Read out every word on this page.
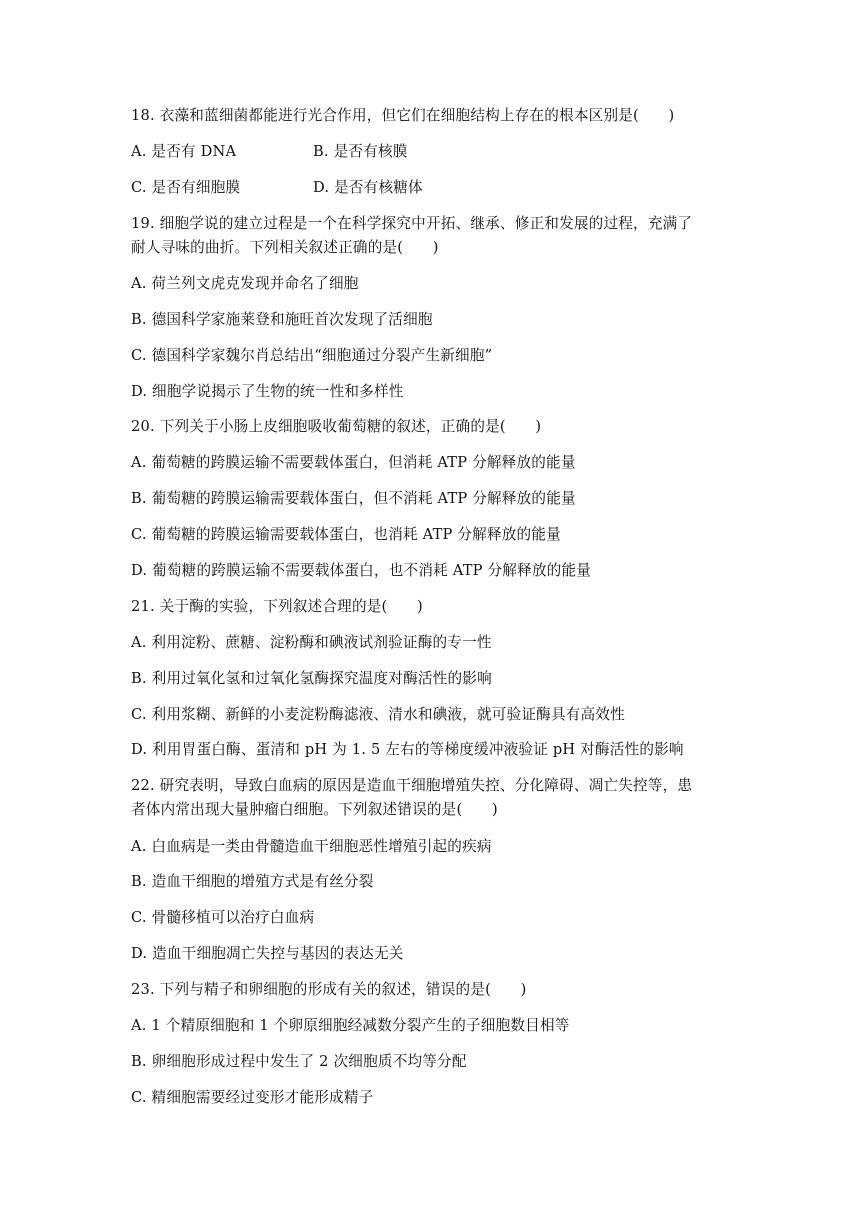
18. 衣藻和蓝细菌都能进行光合作用，但它们在细胞结构上存在的根本区别是(　　)
A. 是否有 DNA	B. 是否有核膜
C. 是否有细胞膜	D. 是否有核糖体
19. 细胞学说的建立过程是一个在科学探究中开拓、继承、修正和发展的过程，充满了
耐人寻味的曲折。下列相关叙述正确的是(　　)
A. 荷兰列文虎克发现并命名了细胞
B. 德国科学家施莱登和施旺首次发现了活细胞
C. 德国科学家魏尔肖总结出“细胞通过分裂产生新细胞”
D. 细胞学说揭示了生物的统一性和多样性
20. 下列关于小肠上皮细胞吸收葡萄糖的叙述，正确的是(　　)
A. 葡萄糖的跨膜运输不需要载体蛋白，但消耗 ATP 分解释放的能量
B. 葡萄糖的跨膜运输需要载体蛋白，但不消耗 ATP 分解释放的能量
C. 葡萄糖的跨膜运输需要载体蛋白，也消耗 ATP 分解释放的能量
D. 葡萄糖的跨膜运输不需要载体蛋白，也不消耗 ATP 分解释放的能量
21. 关于酶的实验，下列叙述合理的是(　　)
A. 利用淀粉、蔗糖、淀粉酶和碘液试剂验证酶的专一性
B. 利用过氧化氢和过氧化氢酶探究温度对酶活性的影响
C. 利用浆糊、新鲜的小麦淀粉酶滤液、清水和碘液，就可验证酶具有高效性
D. 利用胃蛋白酶、蛋清和 pH 为 1. 5 左右的等梯度缓冲液验证 pH 对酶活性的影响
22. 研究表明，导致白血病的原因是造血干细胞增殖失控、分化障碍、凋亡失控等，患
者体内常出现大量肿瘤白细胞。下列叙述错误的是(　　)
A. 白血病是一类由骨髓造血干细胞恶性增殖引起的疾病
B. 造血干细胞的增殖方式是有丝分裂
C. 骨髓移植可以治疗白血病
D. 造血干细胞凋亡失控与基因的表达无关
23. 下列与精子和卵细胞的形成有关的叙述，错误的是(　　)
A. 1 个精原细胞和 1 个卵原细胞经减数分裂产生的子细胞数目相等
B. 卵细胞形成过程中发生了 2 次细胞质不均等分配
C. 精细胞需要经过变形才能形成精子
